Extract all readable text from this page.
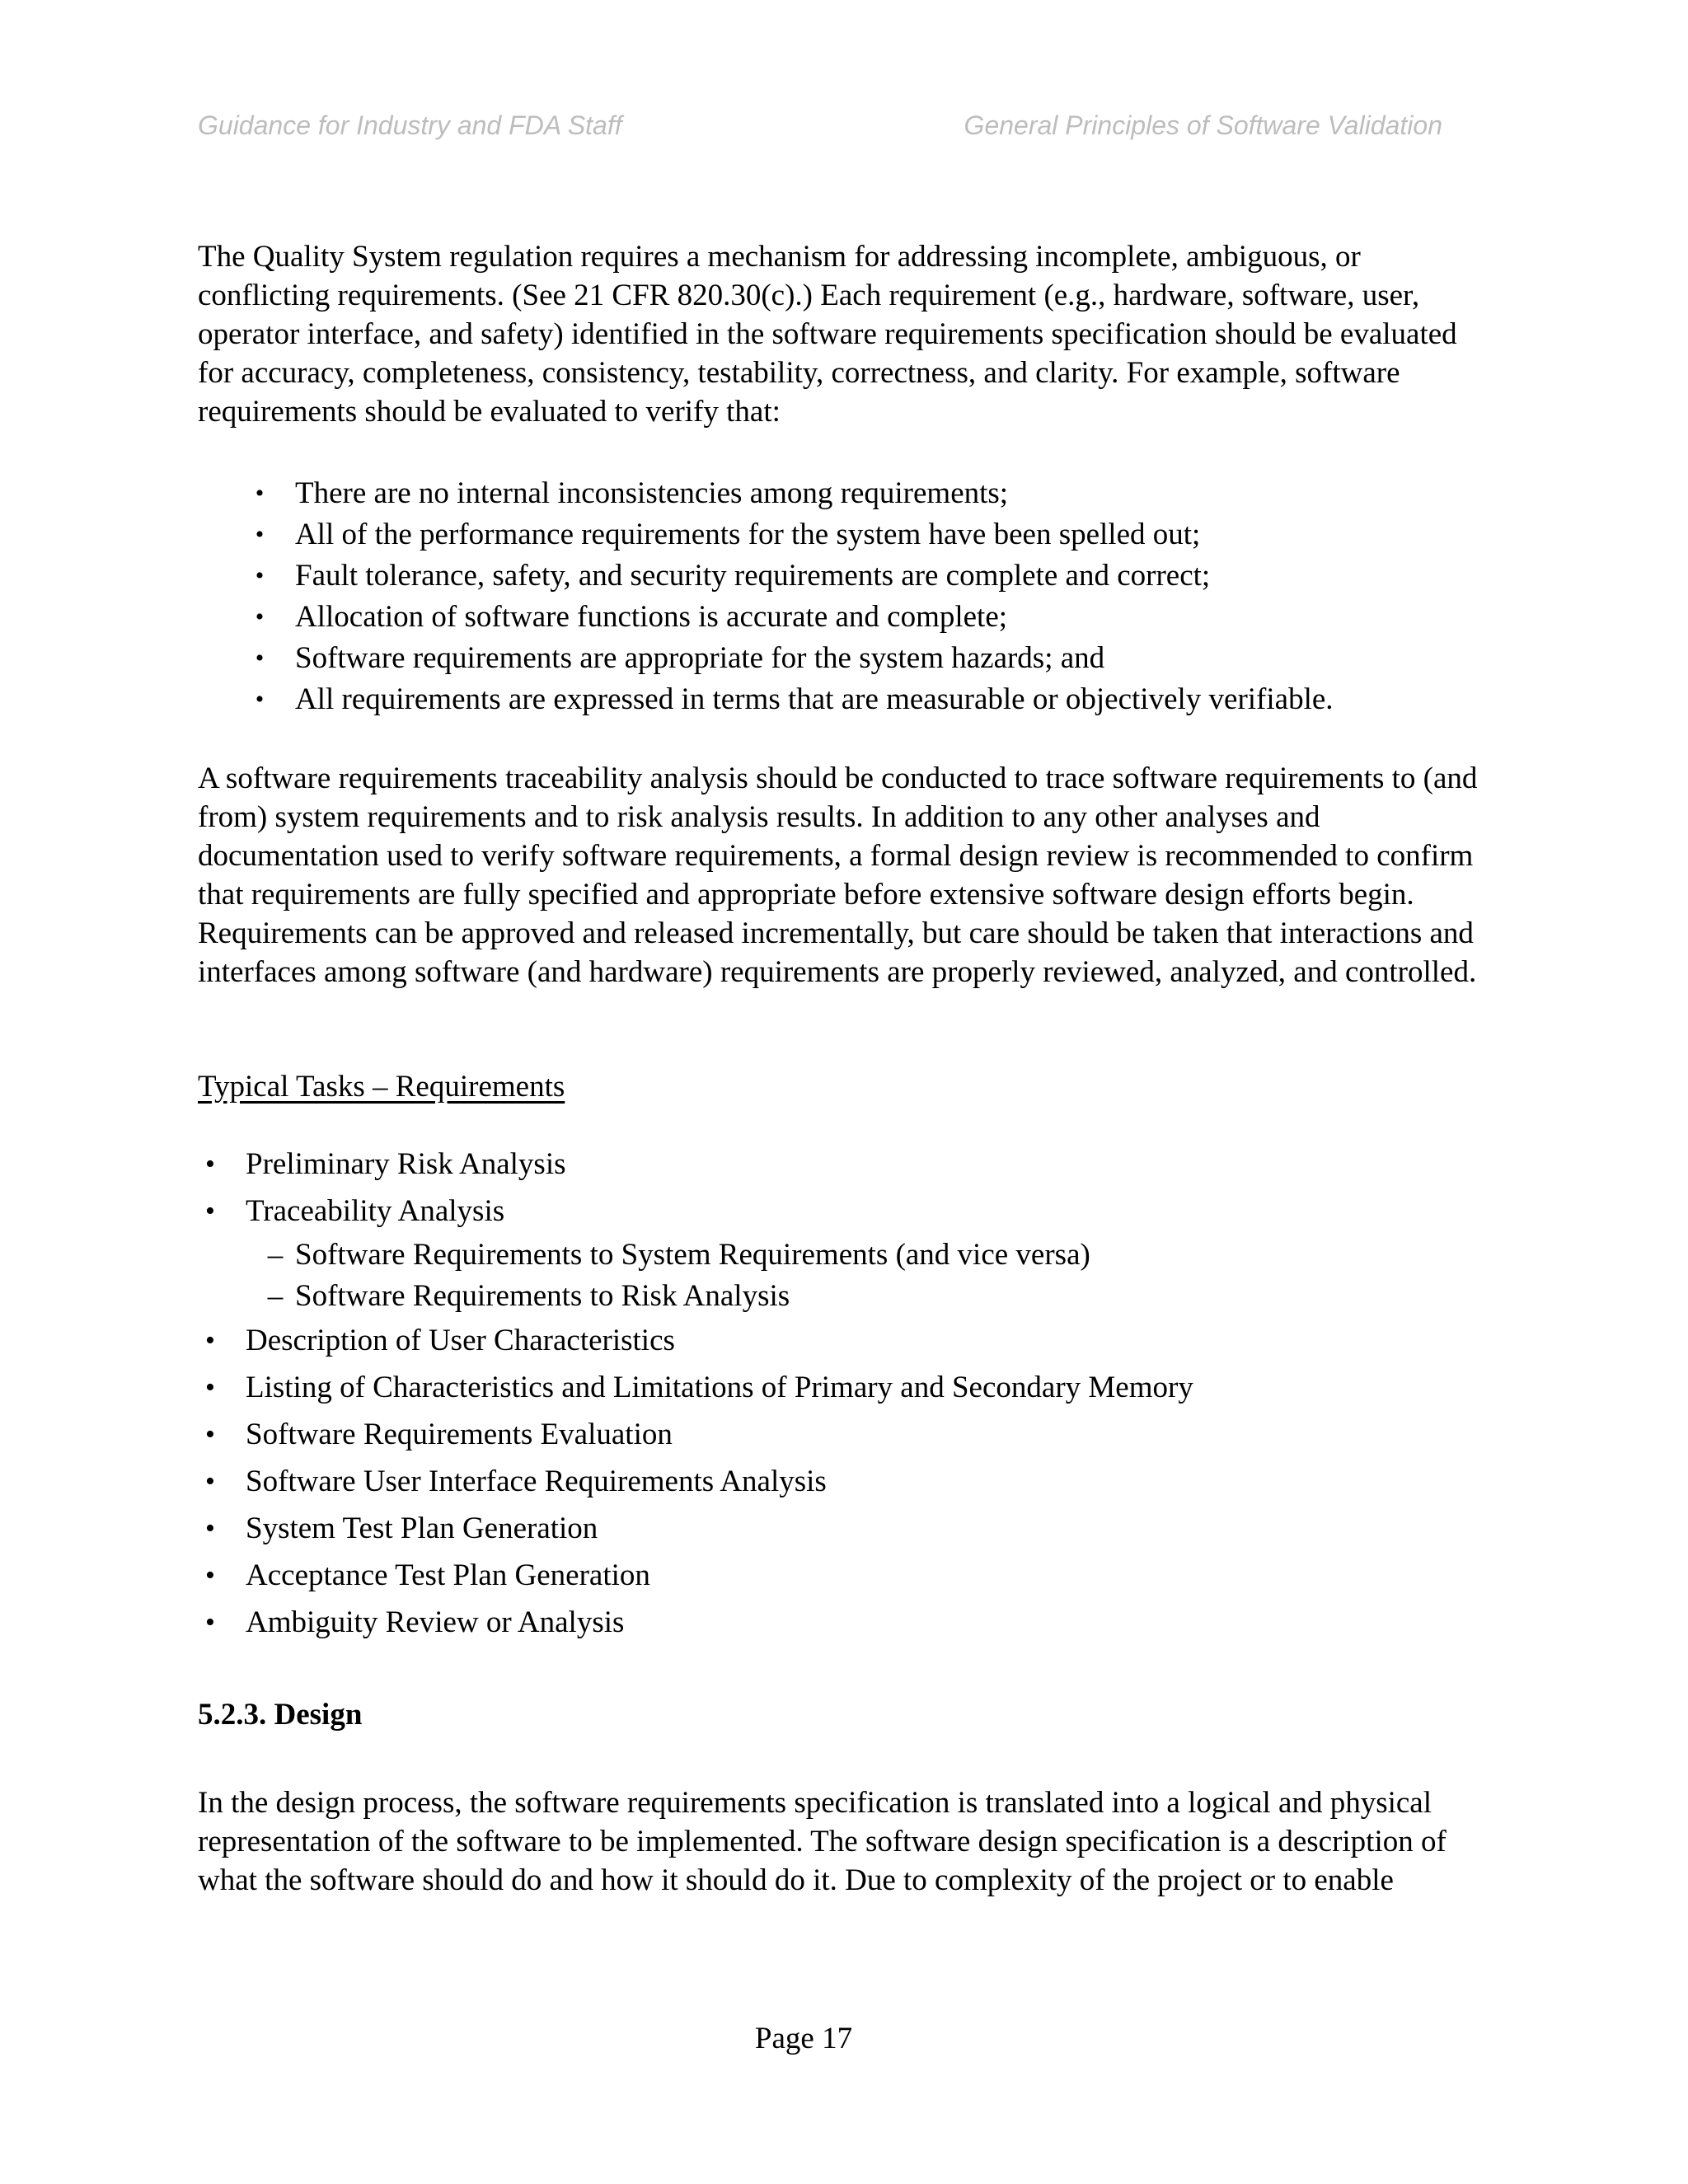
Guidance for Industry and FDA Staff	General Principles of Software Validation

The Quality System regulation requires a mechanism for addressing incomplete, ambiguous, or conflicting requirements. (See 21 CFR 820.30(c).) Each requirement (e.g., hardware, software, user, operator interface, and safety) identified in the software requirements specification should be evaluated for accuracy, completeness, consistency, testability, correctness, and clarity. For example, software requirements should be evaluated to verify that:

• There are no internal inconsistencies among requirements;
• All of the performance requirements for the system have been spelled out;
• Fault tolerance, safety, and security requirements are complete and correct;
• Allocation of software functions is accurate and complete;
• Software requirements are appropriate for the system hazards; and
• All requirements are expressed in terms that are measurable or objectively verifiable.

A software requirements traceability analysis should be conducted to trace software requirements to (and from) system requirements and to risk analysis results. In addition to any other analyses and documentation used to verify software requirements, a formal design review is recommended to confirm that requirements are fully specified and appropriate before extensive software design efforts begin. Requirements can be approved and released incrementally, but care should be taken that interactions and interfaces among software (and hardware) requirements are properly reviewed, analyzed, and controlled.

Typical Tasks – Requirements

• Preliminary Risk Analysis
• Traceability Analysis
– Software Requirements to System Requirements (and vice versa)
– Software Requirements to Risk Analysis
• Description of User Characteristics
• Listing of Characteristics and Limitations of Primary and Secondary Memory
• Software Requirements Evaluation
• Software User Interface Requirements Analysis
• System Test Plan Generation
• Acceptance Test Plan Generation
• Ambiguity Review or Analysis

5.2.3. Design

In the design process, the software requirements specification is translated into a logical and physical representation of the software to be implemented. The software design specification is a description of what the software should do and how it should do it. Due to complexity of the project or to enable

Page 17
